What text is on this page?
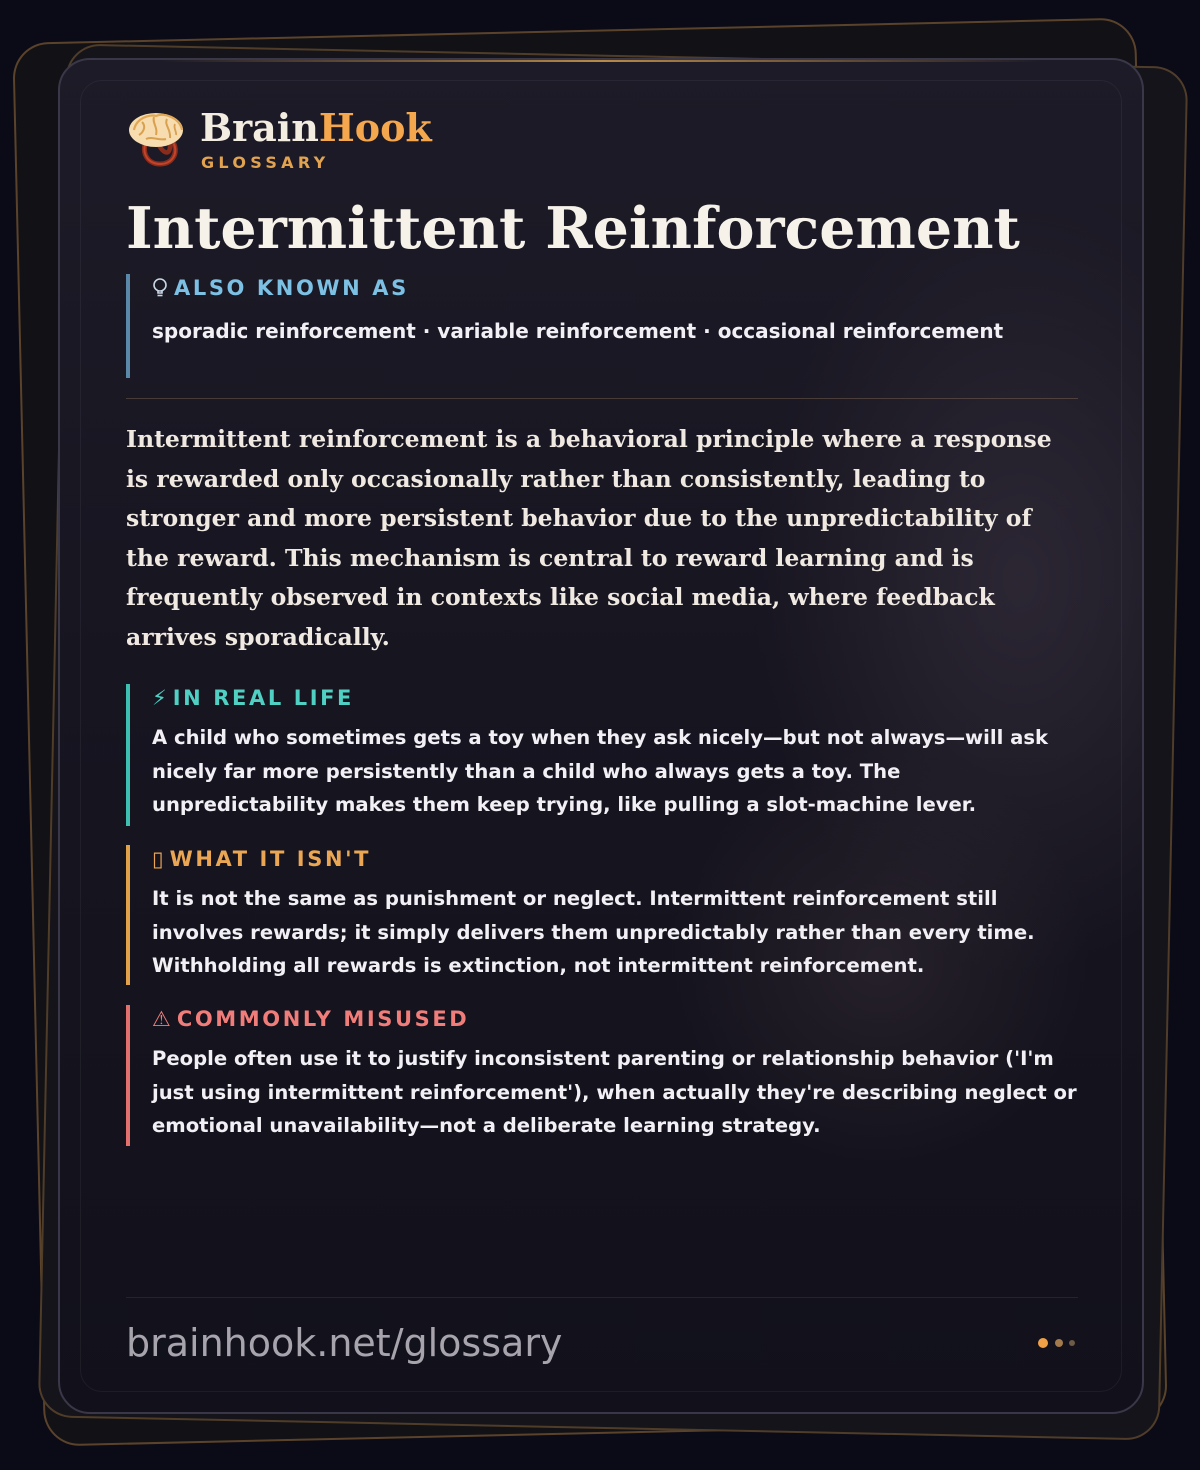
BrainHook
GLOSSARY
Intermittent Reinforcement
ALSO KNOWN AS
sporadic reinforcement · variable reinforcement · occasional reinforcement

Intermittent reinforcement is a behavioral principle where a response is rewarded only occasionally rather than consistently, leading to stronger and more persistent behavior due to the unpredictability of the reward. This mechanism is central to reward learning and is frequently observed in contexts like social media, where feedback arrives sporadically.

⚡ IN REAL LIFE
A child who sometimes gets a toy when they ask nicely—but not always—will ask nicely far more persistently than a child who always gets a toy. The unpredictability makes them keep trying, like pulling a slot-machine lever.
▯ WHAT IT ISN'T
It is not the same as punishment or neglect. Intermittent reinforcement still involves rewards; it simply delivers them unpredictably rather than every time. Withholding all rewards is extinction, not intermittent reinforcement.
⚠ COMMONLY MISUSED
People often use it to justify inconsistent parenting or relationship behavior ('I'm just using intermittent reinforcement'), when actually they're describing neglect or emotional unavailability—not a deliberate learning strategy.
brainhook.net/glossary
